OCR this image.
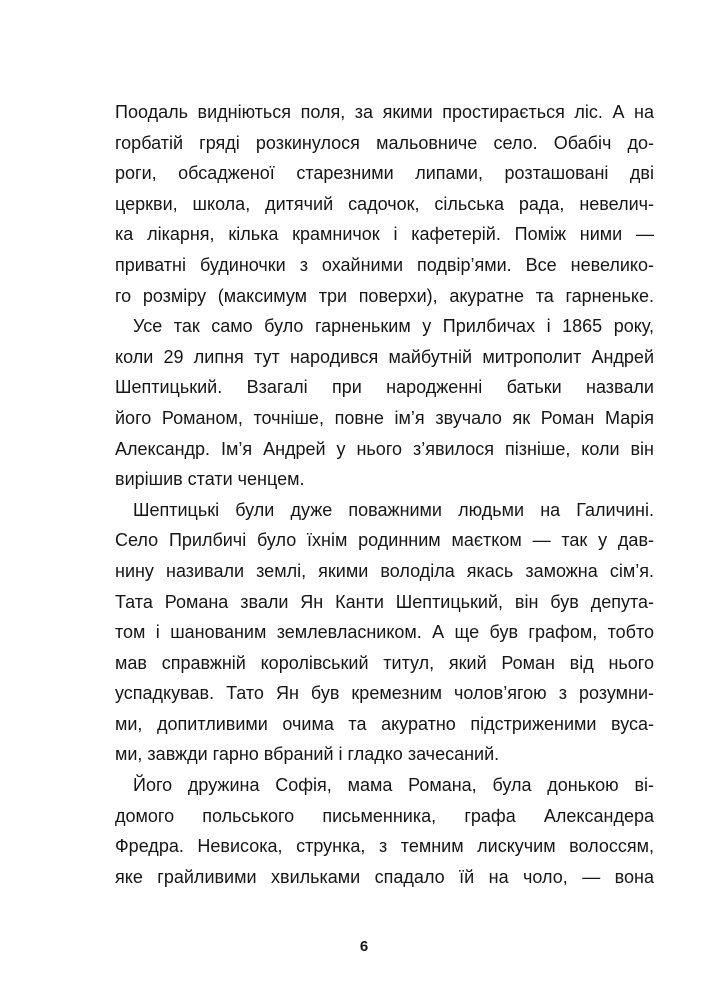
Поодаль видніються поля, за якими простирається ліс. А на
горбатій гряді розкинулося мальовниче село. Обабіч до-
роги, обсадженої старезними липами, розташовані дві
церкви, школа, дитячий садочок, сільська рада, невелич-
ка лікарня, кілька крамничок і кафетерій. Поміж ними —
приватні будиночки з охайними подвір’ями. Все невелико-
го розміру (максимум три поверхи), акуратне та гарненьке.
Усе так само було гарненьким у Прилбичах і 1865 року,
коли 29 липня тут народився майбутній митрополит Андрей
Шептицький. Взагалі при народженні батьки назвали
його Романом, точніше, повне ім’я звучало як Роман Марія
Александр. Ім’я Андрей у нього з’явилося пізніше, коли він
вирішив стати ченцем.
Шептицькі були дуже поважними людьми на Галичині.
Село Прилбичі було їхнім родинним маєтком — так у дав-
нину називали землі, якими володіла якась заможна сім’я.
Тата Романа звали Ян Канти Шептицький, він був депута-
том і шанованим землевласником. А ще був графом, тобто
мав справжній королівський титул, який Роман від нього
успадкував. Тато Ян був кремезним чолов’ягою з розумни-
ми, допитливими очима та акуратно підстриженими вуса-
ми, завжди гарно вбраний і гладко зачесаний.
Його дружина Софія, мама Романа, була донькою ві-
домого польського письменника, графа Александера
Фредра. Невисока, струнка, з темним лискучим волоссям,
яке грайливими хвильками спадало їй на чоло, — вона
6
